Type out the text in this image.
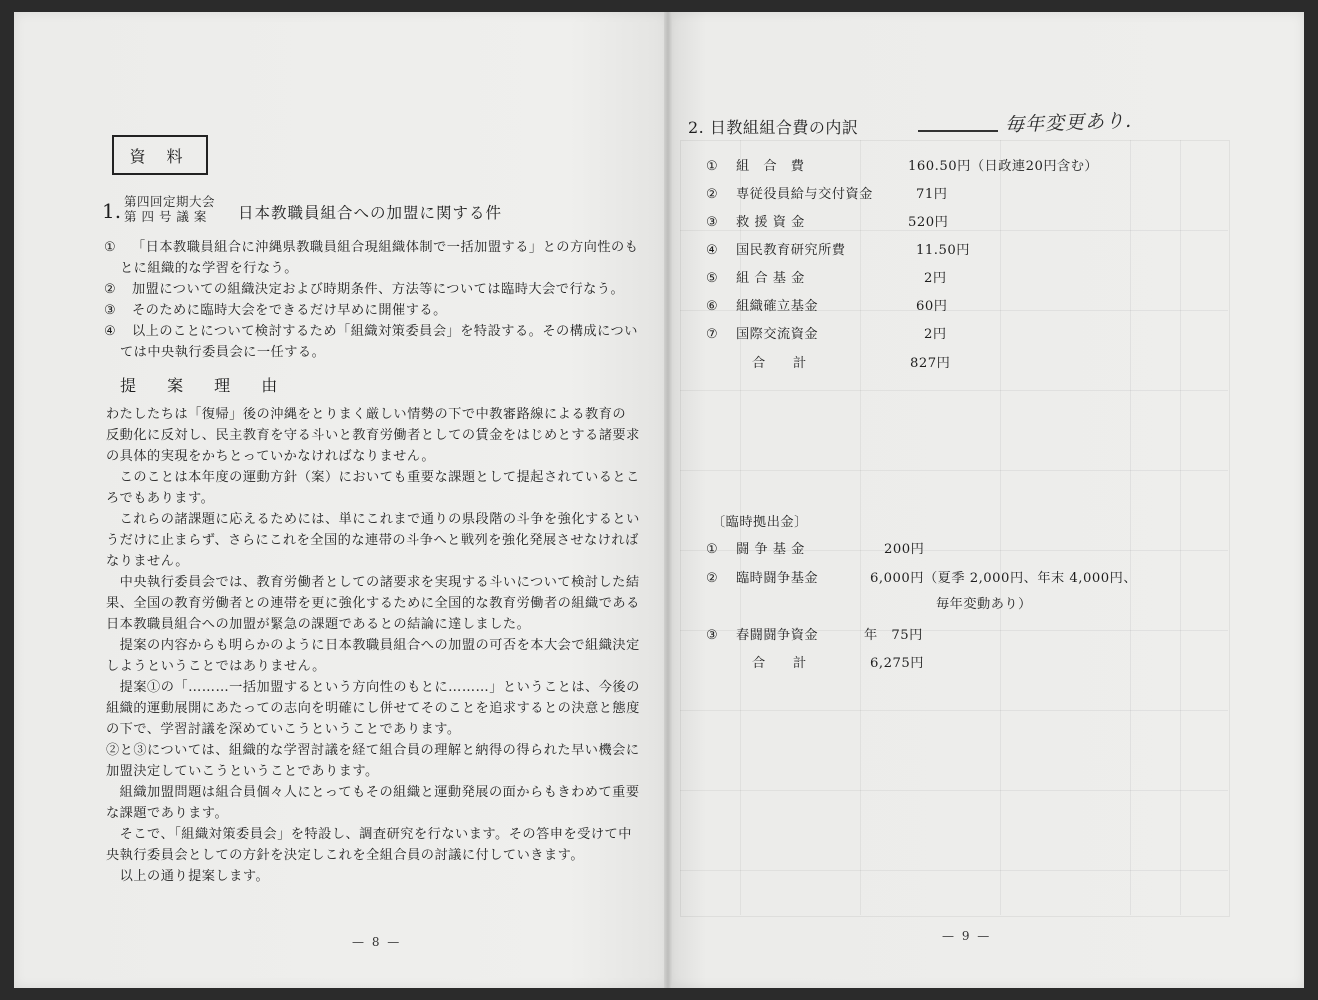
資 料
1. 第四回定期大会
第 四 号 議 案 日本教職員組合への加盟に関する件
① 「日本教職員組合に沖縄県教職員組合現組織体制で一括加盟する」との方向性のも
とに組織的な学習を行なう。
② 加盟についての組織決定および時期条件、方法等については臨時大会で行なう。
③ そのために臨時大会をできるだけ早めに開催する。
④ 以上のことについて検討するため「組織対策委員会」を特設する。その構成につい
ては中央執行委員会に一任する。
提 案 理 由
わたしたちは「復帰」後の沖縄をとりまく厳しい情勢の下で中教審路線による教育の
反動化に反対し、民主教育を守る斗いと教育労働者としての賃金をはじめとする諸要求
の具体的実現をかちとっていかなければなりません。
　このことは本年度の運動方針（案）においても重要な課題として提起されているとこ
ろでもあります。
　これらの諸課題に応えるためには、単にこれまで通りの県段階の斗争を強化するとい
うだけに止まらず、さらにこれを全国的な連帯の斗争へと戦列を強化発展させなければ
なりません。
　中央執行委員会では、教育労働者としての諸要求を実現する斗いについて検討した結
果、全国の教育労働者との連帯を更に強化するために全国的な教育労働者の組織である
日本教職員組合への加盟が緊急の課題であるとの結論に達しました。
　提案の内容からも明らかのように日本教職員組合への加盟の可否を本大会で組織決定
しようということではありません。
　提案①の「………一括加盟するという方向性のもとに………」ということは、今後の
組織的運動展開にあたっての志向を明確にし併せてそのことを追求するとの決意と態度
の下で、学習討議を深めていこうということであります。
②と③については、組織的な学習討議を経て組合員の理解と納得の得られた早い機会に
加盟決定していこうということであります。
　組織加盟問題は組合員個々人にとってもその組織と運動発展の面からもきわめて重要
な課題であります。
　そこで、「組織対策委員会」を特設し、調査研究を行ないます。その答申を受けて中
央執行委員会としての方針を決定しこれを全組合員の討議に付していきます。
　以上の通り提案します。
— 8 —
2. 日教組組合費の内訳	毎年変更あり.
① 組　合　費	160.50円（日政連20円含む）
② 専従役員給与交付資金	71円
③ 救 援 資 金	520円
④ 国民教育研究所費	11.50円
⑤ 組 合 基 金	2円
⑥ 組織確立基金	60円
⑦ 国際交流資金	2円
合　　計	827円
〔臨時拠出金〕
① 闘 争 基 金	200円
② 臨時闘争基金	6,000円（夏季 2,000円、年末 4,000円、
毎年変動あり）
③ 春闘闘争資金	年　75円
合　　計	6,275円
— 9 —
